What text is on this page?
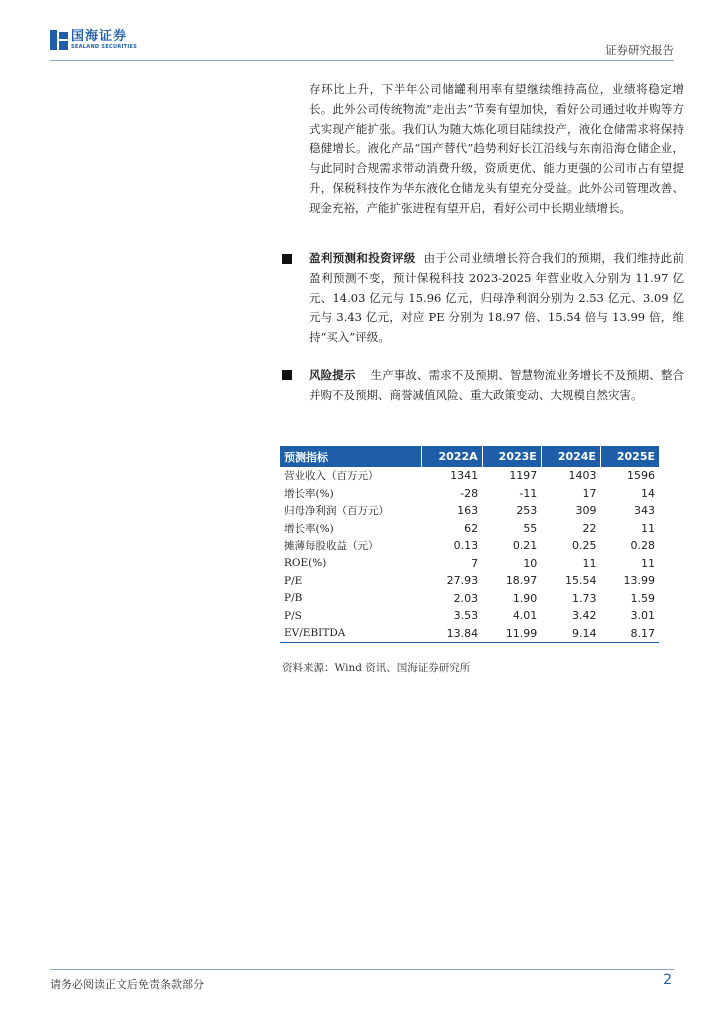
国海证券
SEALAND SECURITIES	证券研究报告
存环比上升，下半年公司储罐利用率有望继续维持高位，业绩将稳定增长。此外公司传统物流“走出去”节奏有望加快，看好公司通过收并购等方式实现产能扩张。我们认为随大炼化项目陆续投产，液化仓储需求将保持稳健增长。液化产品“国产替代”趋势利好长江沿线与东南沿海仓储企业，与此同时合规需求带动消费升级，资质更优、能力更强的公司市占有望提升，保税科技作为华东液化仓储龙头有望充分受益。此外公司管理改善、现金充裕，产能扩张进程有望开启，看好公司中长期业绩增长。
盈利预测和投资评级 由于公司业绩增长符合我们的预期，我们维持此前盈利预测不变，预计保税科技 2023-2025 年营业收入分别为 11.97 亿元、14.03 亿元与 15.96 亿元，归母净利润分别为 2.53 亿元、3.09 亿元与 3.43 亿元，对应 PE 分别为 18.97 倍、15.54 倍与 13.99 倍，维持“买入”评级。
风险提示 生产事故、需求不及预期、智慧物流业务增长不及预期、整合并购不及预期、商誉减值风险、重大政策变动、大规模自然灾害。
预测指标	2022A	2023E	2024E	2025E
营业收入（百万元）	1341	1197	1403	1596
增长率(%)	-28	-11	17	14
归母净利润（百万元）	163	253	309	343
增长率(%)	62	55	22	11
摊薄每股收益（元）	0.13	0.21	0.25	0.28
ROE(%)	7	10	11	11
P/E	27.93	18.97	15.54	13.99
P/B	2.03	1.90	1.73	1.59
P/S	3.53	4.01	3.42	3.01
EV/EBITDA	13.84	11.99	9.14	8.17
资料来源：Wind 资讯、国海证券研究所
请务必阅读正文后免责条款部分	2
